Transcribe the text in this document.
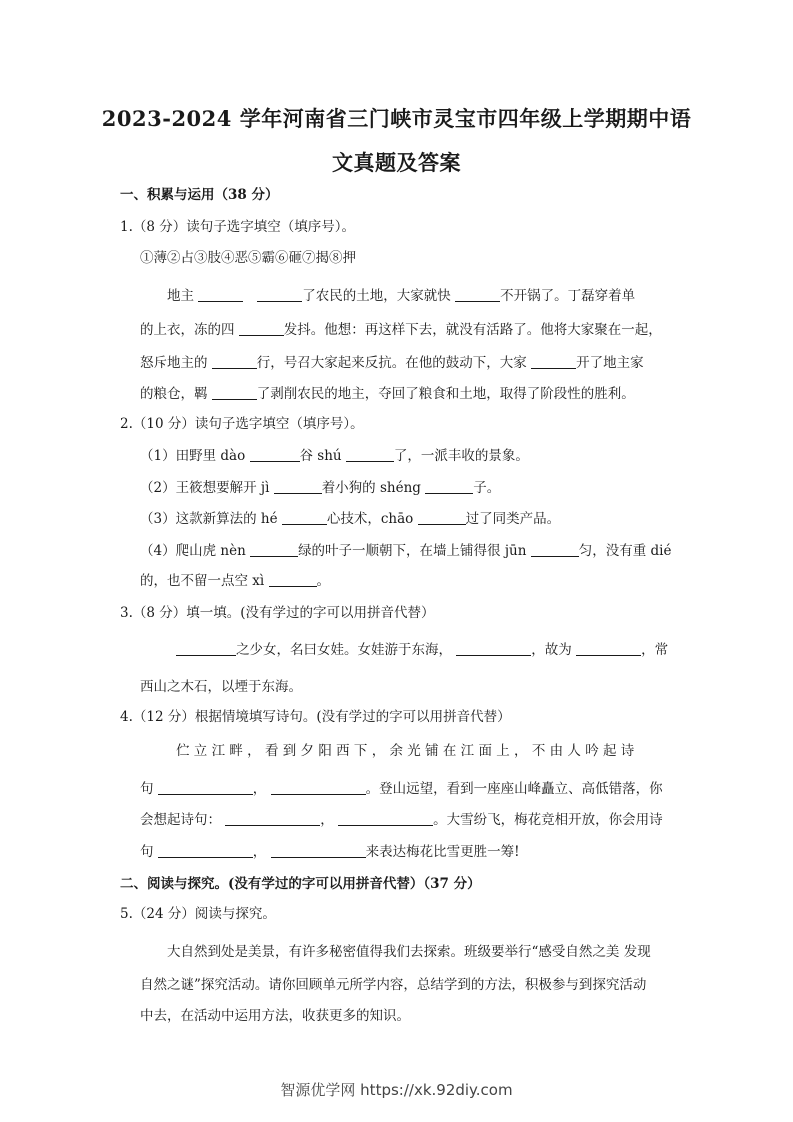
2023-2024 学年河南省三门峡市灵宝市四年级上学期期中语
文真题及答案
一、积累与运用（38 分）
1.（8 分）读句子选字填空（填序号）。
①薄②占③肢④恶⑤霸⑥砸⑦揭⑧押
地主	了农民的土地，大家就快	不开锅了。丁磊穿着单
的上衣，冻的四	发抖。他想：再这样下去，就没有活路了。他将大家聚在一起，
怒斥地主的	行，号召大家起来反抗。在他的鼓动下，大家	开了地主家
的粮仓，羁	了剥削农民的地主，夺回了粮食和土地，取得了阶段性的胜利。
2.（10 分）读句子选字填空（填序号）。
（1）田野里 dào	谷 shú	了，一派丰收的景象。
（2）王筱想要解开 jì	着小狗的 shéng	子。
（3）这款新算法的 hé	心技术，chāo	过了同类产品。
（4）爬山虎 nèn	绿的叶子一顺朝下，在墙上铺得很 jūn	匀，没有重 dié
的，也不留一点空 xì	。
3.（8 分）填一填。(没有学过的字可以用拼音代替）
之少女，名曰女娃。女娃游于东海，	，故为	，常
西山之木石，以堙于东海。
4.（12 分）根据情境填写诗句。(没有学过的字可以用拼音代替）
伫 立 江 畔 ， 看 到 夕 阳 西 下 ， 余 光 铺 在 江 面 上 ， 不 由 人 吟 起 诗
句	，	。登山远望，看到一座座山峰矗立、高低错落，你
会想起诗句：	，	。大雪纷飞，梅花竞相开放，你会用诗
句	，	来表达梅花比雪更胜一筹!
二、阅读与探究。(没有学过的字可以用拼音代替）（37 分）
5.（24 分）阅读与探究。
大自然到处是美景，有许多秘密值得我们去探索。班级要举行“感受自然之美 发现
自然之谜”探究活动。请你回顾单元所学内容，总结学到的方法，积极参与到探究活动
中去，在活动中运用方法，收获更多的知识。
智源优学网 https://xk.92diy.com
